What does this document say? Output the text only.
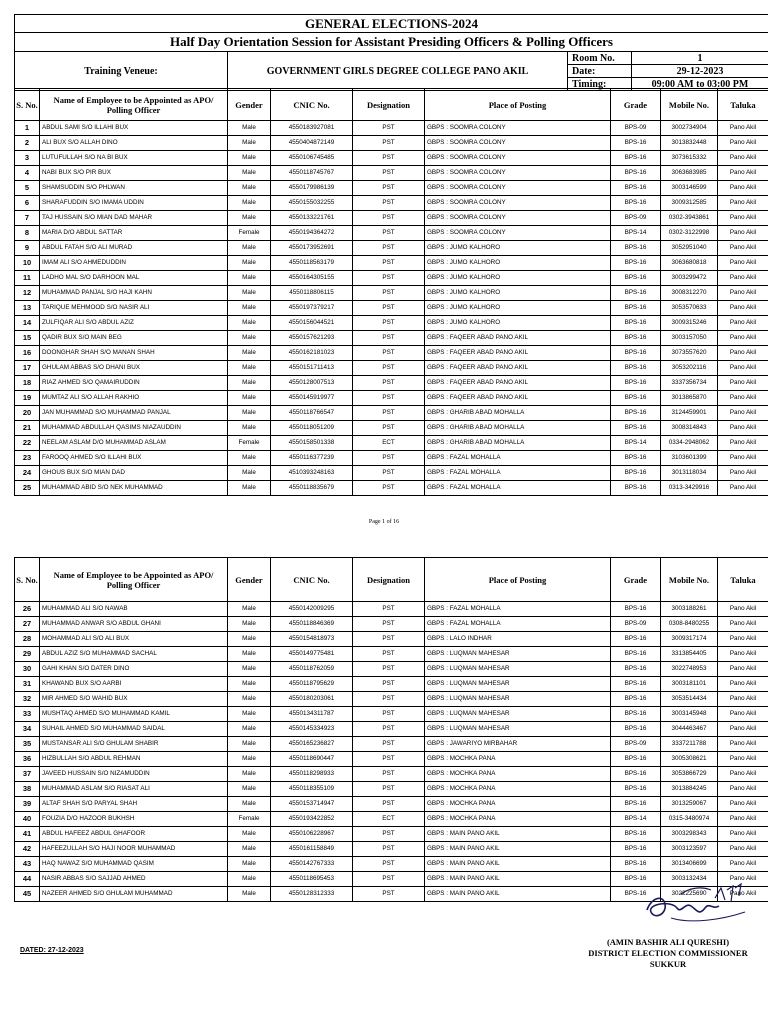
GENERAL ELECTIONS-2024			
Half Day Orientation Session for Assistant Presiding Officers & Polling Officers			
Training Veneue:	GOVERNMENT GIRLS DEGREE COLLEGE PANO AKIL	Room No.	1
		Date:	29-12-2023
		Timing:	09:00 AM to 03:00 PM
S. No.	Name of Employee to be Appointed as APO/ Polling Officer	Gender	CNIC No.	Designation	Place of Posting	Grade	Mobile No.	Taluka
1	ABDUL SAMI S/O ILLAHI BUX	Male	4550183927081	PST	GBPS : SOOMRA COLONY	BPS-09	3002734904	Pano Akil
2	ALI BUX S/O ALLAH DINO	Male	4550404872149	PST	GBPS : SOOMRA COLONY	BPS-16	3013832448	Pano Akil
3	LUTUFULLAH S/O NA BI BUX	Male	4550106745485	PST	GBPS : SOOMRA COLONY	BPS-16	3073615332	Pano Akil
4	NABI BUX S/O PIR BUX	Male	4550118745767	PST	GBPS : SOOMRA COLONY	BPS-16	3063683985	Pano Akil
5	SHAMSUDDIN S/O PHLWAN	Male	4550179986139	PST	GBPS : SOOMRA COLONY	BPS-16	3003146599	Pano Akil
6	SHARAFUDDIN S/O IMAMA UDDIN	Male	4550155032255	PST	GBPS : SOOMRA COLONY	BPS-16	3009312585	Pano Akil
7	TAJ HUSSAIN S/O MIAN DAD MAHAR	Male	4550133221761	PST	GBPS : SOOMRA COLONY	BPS-09	0302-3943861	Pano Akil
8	MARIA D/O ABDUL SATTAR	Female	4550194364272	PST	GBPS : SOOMRA COLONY	BPS-14	0302-3122998	Pano Akil
9	ABDUL FATAH S/O ALI MURAD	Male	4550173952691	PST	GBPS : JUMO KALHORO	BPS-16	3052951040	Pano Akil
10	IMAM ALI S/O AHMEDUDDIN	Male	4550118563179	PST	GBPS : JUMO KALHORO	BPS-16	3063680818	Pano Akil
11	LADHO MAL S/O DARHOON MAL	Male	4550164305155	PST	GBPS : JUMO KALHORO	BPS-16	3003299472	Pano Akil
12	MUHAMMAD PANJAL S/O HAJI KAHN	Male	4550118806115	PST	GBPS : JUMO KALHORO	BPS-16	3008312270	Pano Akil
13	TARIQUE MEHMOOD S/O NASIR ALI	Male	4550197379217	PST	GBPS : JUMO KALHORO	BPS-16	3053570633	Pano Akil
14	ZULFIQAR ALI S/O ABDUL AZIZ	Male	4550156044521	PST	GBPS : JUMO KALHORO	BPS-16	3009315246	Pano Akil
15	QADIR BUX S/O MAIN BEG	Male	4550157621293	PST	GBPS : FAQEER ABAD PANO AKIL	BPS-16	3003157050	Pano Akil
16	DOONGHAR SHAH S/O MANAN SHAH	Male	4550162181023	PST	GBPS : FAQEER ABAD PANO AKIL	BPS-16	3073557620	Pano Akil
17	GHULAM ABBAS S/O DHANI BUX	Male	4550151711413	PST	GBPS : FAQEER ABAD PANO AKIL	BPS-16	3053202116	Pano Akil
18	RIAZ AHMED S/O QAMAIRUDDIN	Male	4550128007513	PST	GBPS : FAQEER ABAD PANO AKIL	BPS-16	3337356734	Pano Akil
19	MUMTAZ ALI S/O ALLAH RAKHIO	Male	4550145919977	PST	GBPS : FAQEER ABAD PANO AKIL	BPS-16	3013865870	Pano Akil
20	JAN MUHAMMAD S/O MUHAMMAD PANJAL	Male	4550118766547	PST	GBPS : GHARIB ABAD MOHALLA	BPS-16	3124459901	Pano Akil
21	MUHAMMAD ABDULLAH QASIMS NIAZAUDDIN	Male	4550118051209	PST	GBPS : GHARIB ABAD MOHALLA	BPS-16	3008314843	Pano Akil
22	NEELAM ASLAM D/O MUHAMMAD ASLAM	Female	4550158501338	ECT	GBPS : GHARIB ABAD MOHALLA	BPS-14	0334-2948062	Pano Akil
23	FAROOQ AHMED S/O ILLAHI BUX	Male	4550116377239	PST	GBPS : FAZAL MOHALLA	BPS-16	3103601399	Pano Akil
24	GHOUS BUX S/O MIAN DAD	Male	4510393248163	PST	GBPS : FAZAL MOHALLA	BPS-16	3013118034	Pano Akil
25	MUHAMMAD ABID S/O NEK MUHAMMAD	Male	4550118835679	PST	GBPS : FAZAL MOHALLA	BPS-16	0313-3429916	Pano Akil
Page 1 of 16
S. No.	Name of Employee to be Appointed as APO/ Polling Officer	Gender	CNIC No.	Designation	Place of Posting	Grade	Mobile No.	Taluka
26	MUHAMMAD ALI S/O NAWAB	Male	4550142009295	PST	GBPS : FAZAL MOHALLA	BPS-16	3003188261	Pano Akil
27	MUHAMMAD ANWAR S/O ABDUL GHANI	Male	4550118846369	PST	GBPS : FAZAL MOHALLA	BPS-09	0308-8480255	Pano Akil
28	MOHAMMAD ALI S/O ALI BUX	Male	4550154818973	PST	GBPS : LALO INDHAR	BPS-16	3009317174	Pano Akil
29	ABDUL AZIZ S/O MUHAMMAD SACHAL	Male	4550149775481	PST	GBPS : LUQMAN MAHESAR	BPS-16	3313854405	Pano Akil
30	GAHI KHAN S/O DATER DINO	Male	4550118762059	PST	GBPS : LUQMAN MAHESAR	BPS-16	3022748953	Pano Akil
31	KHAWAND BUX S/O AARBI	Male	4550118795629	PST	GBPS : LUQMAN MAHESAR	BPS-16	3003181101	Pano Akil
32	MIR AHMED S/O WAHID BUX	Male	4550180203061	PST	GBPS : LUQMAN MAHESAR	BPS-16	3053514434	Pano Akil
33	MUSHTAQ AHMED S/O MUHAMMAD KAMIL	Male	4550134311787	PST	GBPS : LUQMAN MAHESAR	BPS-16	3003145948	Pano Akil
34	SUHAIL AHMED S/O MUHAMMAD SAIDAL	Male	4550145334923	PST	GBPS : LUQMAN MAHESAR	BPS-16	3044463467	Pano Akil
35	MUSTANSAR ALI S/O GHULAM SHABIR	Male	4550165236827	PST	GBPS : JAWARIYO MIRBAHAR	BPS-09	3337211788	Pano Akil
36	HIZBULLAH S/O ABDUL REHMAN	Male	4550118690447	PST	GBPS : MOCHKA PANA	BPS-16	3005308621	Pano Akil
37	JAVEED HUSSAIN S/O NIZAMUDDIN	Male	4550118298933	PST	GBPS : MOCHKA PANA	BPS-16	3053866729	Pano Akil
38	MUHAMMAD ASLAM S/O RIASAT ALI	Male	4550118355109	PST	GBPS : MOCHKA PANA	BPS-16	3013884245	Pano Akil
39	ALTAF SHAH S/O PARYAL SHAH	Male	4550153714947	PST	GBPS : MOCHKA PANA	BPS-16	3013259067	Pano Akil
40	FOUZIA D/O HAZOOR BUKHSH	Female	4550193422852	ECT	GBPS : MOCHKA PANA	BPS-14	0315-3480974	Pano Akil
41	ABDUL HAFEEZ ABDUL GHAFOOR	Male	4550106228967	PST	GBPS : MAIN PANO AKIL	BPS-16	3003298343	Pano Akil
42	HAFEEZULLAH S/O HAJI NOOR MUHAMMAD	Male	4550161158849	PST	GBPS : MAIN PANO AKIL	BPS-16	3003123597	Pano Akil
43	HAQ NAWAZ S/O MUHAMMAD QASIM	Male	4550142767333	PST	GBPS : MAIN PANO AKIL	BPS-16	3013406699	Pano Akil
44	NASIR ABBAS S/O SAJJAD AHMED	Male	4550118695453	PST	GBPS : MAIN PANO AKIL	BPS-16	3003132434	Pano Akil
45	NAZEER AHMED S/O GHULAM MUHAMMAD	Male	4550128312333	PST	GBPS : MAIN PANO AKIL	BPS-16	3022225690	Pano Akil
DATED: 27-12-2023
(AMIN BASHIR ALI QURESHI)
DISTRICT ELECTION COMMISSIONER
SUKKUR
